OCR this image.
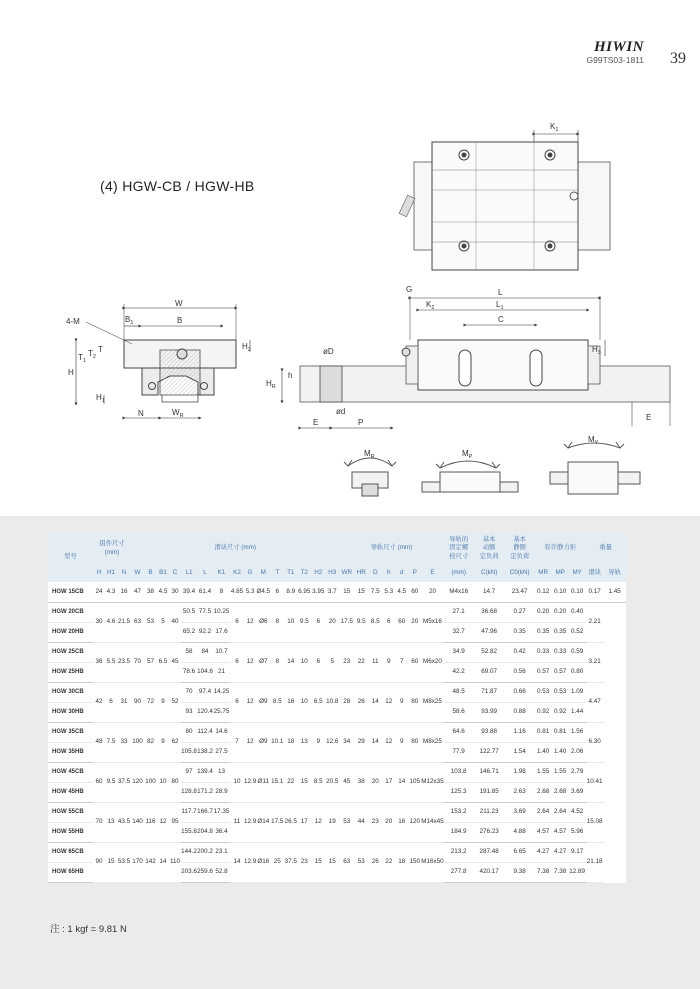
HIWIN
G99TS03-1811 39
(4) HGW-CB / HGW-HB
$K_1$
W
B
$B_1$
4-M
H
$T_1$
$T_2$
T
$H_1$
$H_2$
N	$W_R$
L
$L_1$
$K_2$
G
C
$H_3$
øD
$H_R$
h
ød
E	P
E
$M_R$	$M_P$
$M_Y$
型号	组件尺寸
(mm)			滑块尺寸 (mm)															导轨尺寸 (mm)							导轨的
固定螺
栓尺寸	基本
动额
定负荷	基本
静额
定负荷	容许静力矩			重量	
	H	H1	N	W	B	B1	C	L1	L	K1	K2	G	M	T	T1	T2	H2	H3	WR	HR	D	h	d	P	E	(mm)	C(kN)	C0(kN)	MR	MP	MY	滑块	导轨
HGW 15CB	24	4.3	16	47	38	4.5	30	39.4	61.4	8	4.85	5.3	Ø4.5	6	8.9	6.95	3.95	3.7	15	15	7.5	5.3	4.5	60	20	M4x16	14.7	23.47	0.12	0.10	0.10	0.17	1.45
HGW 20CB	30	4.6	21.5	63	53	5	40	50.5	77.5	10.25	6	12	Ø6	8	10	9.5	6	20	17.5	9.5	8.5	6	60	20	M5x16	27.1	36.68	0.27	0.20	0.20	0.40	2.21	
HGW 20HB								65.2	92.2	17.6																32.7	47.96	0.35	0.35	0.35	0.52		
HGW 25CB	36	5.5	23.5	70	57	6.5	45	58	84	10.7	6	12	Ø7	8	14	10	6	5	23	22	11	9	7	60	M6x20	34.9	52.82	0.42	0.33	0.33	0.59	3.21	
HGW 25HB								78.6	104.6	21																42.2	69.07	0.56	0.57	0.57	0.80		
HGW 30CB	42	6	31	90	72	9	52	70	97.4	14.25	6	12	Ø9	8.5	16	10	6.5	10.8	28	26	14	12	9	80	M8x25	48.5	71.87	0.66	0.53	0.53	1.09	4.47	
HGW 30HB								93	120.4	25.75																58.6	93.99	0.88	0.92	0.92	1.44		
HGW 35CB	48	7.5	33	100	82	9	62	80	112.4	14.6	7	12	Ø9	10.1	18	13	9	12.6	34	29	14	12	9	80	M8x25	64.6	93.88	1.16	0.81	0.81	1.56	6.30	
HGW 35HB								105.8	138.2	27.5																77.9	122.77	1.54	1.40	1.40	2.06		
HGW 45CB	60	9.5	37.5	120	100	10	80	97	139.4	13	10	12.9	Ø11	15.1	22	15	8.5	20.5	45	38	20	17	14	105	M12x35	103.8	146.71	1.98	1.55	1.55	2.79	10.41	
HGW 45HB								128.8	171.2	28.9																125.3	191.85	2.63	2.68	2.68	3.69		
HGW 55CB	70	13	43.5	140	116	12	95	117.7	166.7	17.35	11	12.9	Ø14	17.5	26.5	17	12	19	53	44	23	20	16	120	M14x45	153.2	211.23	3.69	2.64	2.64	4.52	15.08	
HGW 55HB								155.8	204.8	36.4																184.9	276.23	4.88	4.57	4.57	5.96		
HGW 65CB	90	15	53.5	170	142	14	110	144.2	200.2	23.1	14	12.9	Ø16	25	37.5	23	15	15	63	53	26	22	18	150	M16x50	213.2	287.48	6.65	4.27	4.27	9.17	21.18	
HGW 65HB								203.6	259.6	52.8																277.8	420.17	9.38	7.38	7.38	12.89		
注 : 1 kgf = 9.81 N
